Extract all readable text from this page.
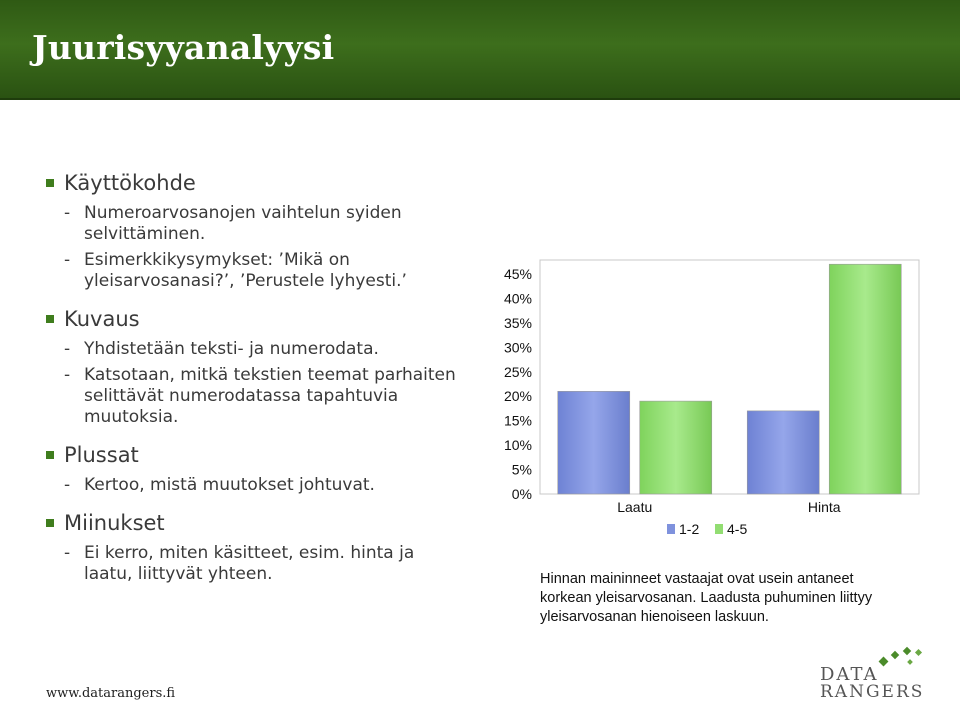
Juurisyyanalyysi

Käyttökohde

- Numeroarvosanojen vaihtelun syiden selvittäminen.

- Esimerkkikysymykset: ’Mikä on yleisarvosanasi?’, ’Perustele lyhyesti.’

Kuvaus

- Yhdistetään teksti- ja numerodata.

- Katsotaan, mitkä tekstien teemat parhaiten selittävät numerodatassa tapahtuvia muutoksia.

Plussat

- Kertoo, mistä muutokset johtuvat.

Miinukset

- Ei kerro, miten käsitteet, esim. hinta ja laatu, liittyvät yhteen.

0%
5%
10%
15%
20%
25%
30%
35%
40%
45%
Laatu	Hinta
1-2 4-5
Hinnan maininneet vastaajat ovat usein antaneet korkean yleisarvosanan. Laadusta puhuminen liittyy yleisarvosanan hienoiseen laskuun.
www.datarangers.fi
DATA
RANGERS
